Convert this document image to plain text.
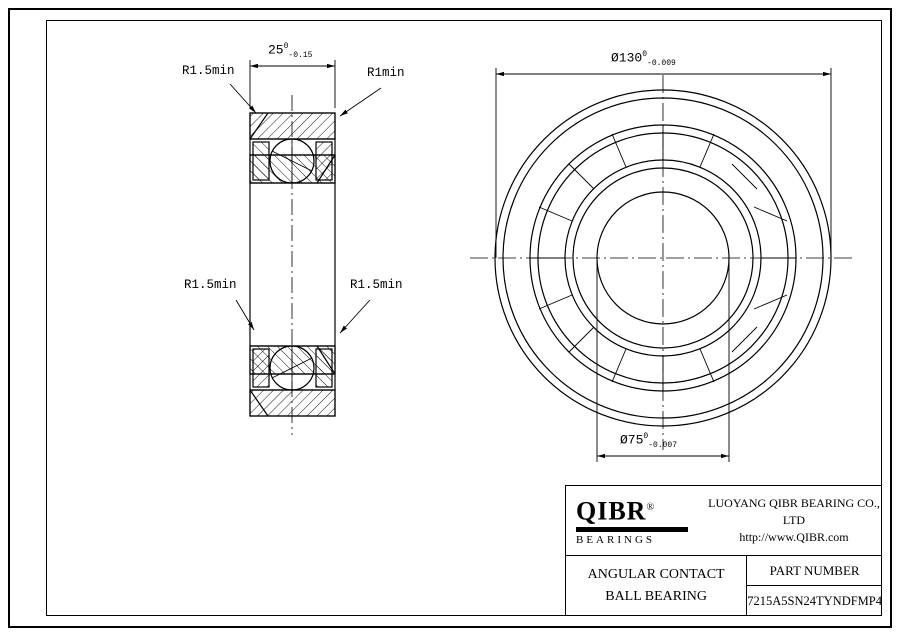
$25^0_{-0.15}$	$Ø130^0_{-0.009}$
$Ø75^0_{-0.007}$
R1.5min	R1min
R1.5min	R1.5min
QIBR®
BEARINGS
LUOYANG QIBR BEARING CO., LTD
http://www.QIBR.com
ANGULAR CONTACT
BALL BEARING
PART NUMBER
7215A5SN24TYNDFMP4
